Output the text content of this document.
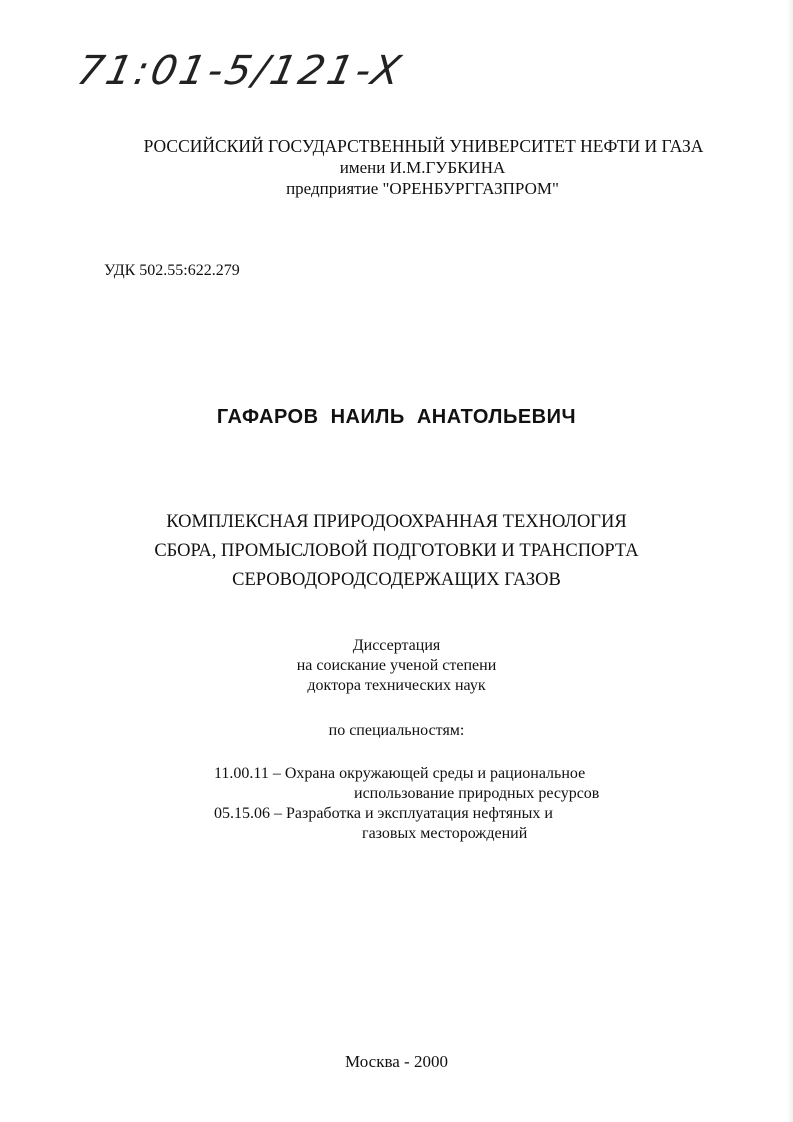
71:01-5/121-X
РОССИЙСКИЙ ГОСУДАРСТВЕННЫЙ УНИВЕРСИТЕТ НЕФТИ И ГАЗА
имени И.М.ГУБКИНА
предприятие "ОРЕНБУРГГАЗПРОМ"
УДК 502.55:622.279
ГАФАРОВ НАИЛЬ АНАТОЛЬЕВИЧ
КОМПЛЕКСНАЯ ПРИРОДООХРАННАЯ ТЕХНОЛОГИЯ
СБОРА, ПРОМЫСЛОВОЙ ПОДГОТОВКИ И ТРАНСПОРТА
СЕРОВОДОРОДСОДЕРЖАЩИХ ГАЗОВ
Диссертация
на соискание ученой степени
доктора технических наук
по специальностям:
11.00.11 – Охрана окружающей среды и рациональное
использование природных ресурсов
05.15.06 – Разработка и эксплуатация нефтяных и
газовых месторождений
Москва - 2000
